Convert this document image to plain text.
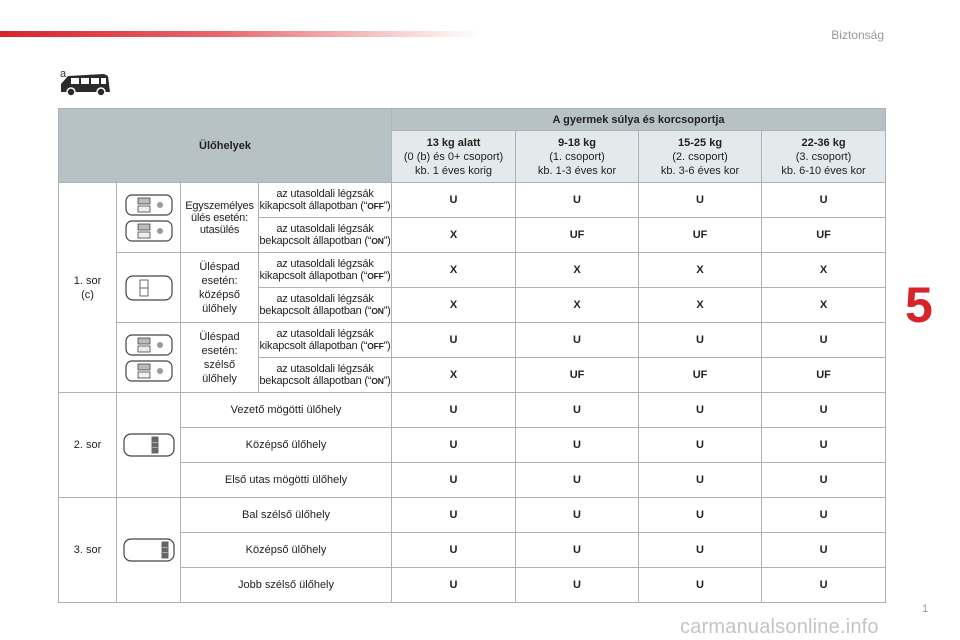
Biztonság
5
1
a
Ülőhelyek				A gyermek súlya és korcsoportja			

				13 kg alatt
(0 (b) és 0+ csoport)
kb. 1 éves korig	9-18 kg
(1. csoport)
kb. 1-3 éves kor	15-25 kg
(2. csoport)
kb. 3-6 éves kor	22-36 kg
(3. csoport)
kb. 6-10 éves kor
1. sor
(c)		Egyszemélyes
ülés esetén:
utasülés	az utasoldali légzsák
kikapcsolt állapotban (“OFF”)	U	U	U	U
			az utasoldali légzsák
bekapcsolt állapotban (“ON”)	X	UF	UF	UF

	Üléspad
esetén:
középső
ülőhely	az utasoldali légzsák
kikapcsolt állapotban (“OFF”)	X	X	X	X
			az utasoldali légzsák
bekapcsolt állapotban (“ON”)	X	X	X	X

	Üléspad
esetén:
szélső
ülőhely	az utasoldali légzsák
kikapcsolt állapotban (“OFF”)	U	U	U	U
			az utasoldali légzsák
bekapcsolt állapotban (“ON”)	X	UF	UF	UF
2. sor		Vezető mögötti ülőhely		U	U	U	U
		Középső ülőhely		U	U	U	U
		Első utas mögötti ülőhely		U	U	U	U
3. sor		Bal szélső ülőhely		U	U	U	U
		Középső ülőhely		U	U	U	U
		Jobb szélső ülőhely		U	U	U	U
carmanualsonline.info
